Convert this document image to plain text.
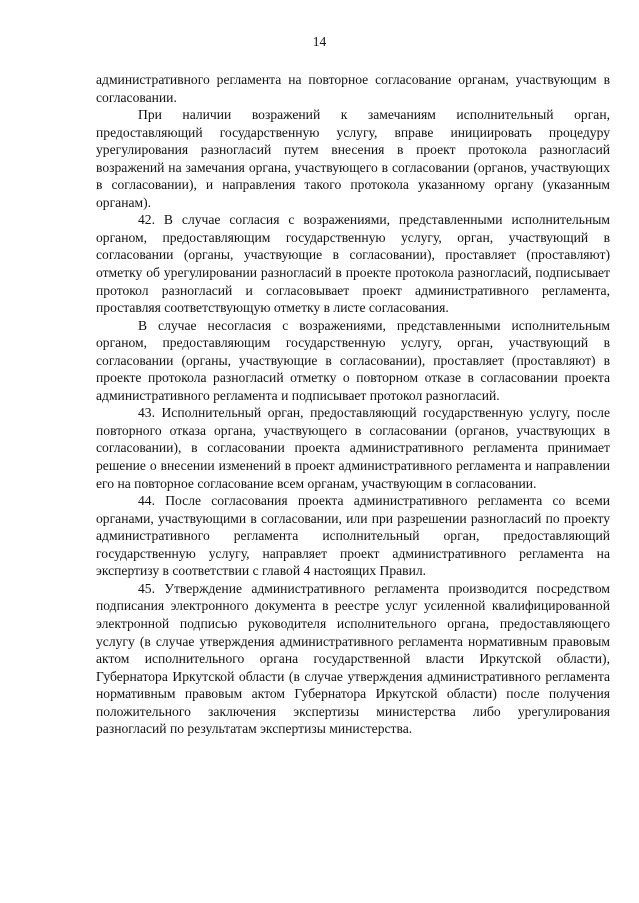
14

административного регламента на повторное согласование органам, участвующим в согласовании.

При наличии возражений к замечаниям исполнительный орган, предоставляющий государственную услугу, вправе инициировать процедуру урегулирования разногласий путем внесения в проект протокола разногласий возражений на замечания органа, участвующего в согласовании (органов, участвующих в согласовании), и направления такого протокола указанному органу (указанным органам).

42. В случае согласия с возражениями, представленными исполнительным органом, предоставляющим государственную услугу, орган, участвующий в согласовании (органы, участвующие в согласовании), проставляет (проставляют) отметку об урегулировании разногласий в проекте протокола разногласий, подписывает протокол разногласий и согласовывает проект административного регламента, проставляя соответствующую отметку в листе согласования.

В случае несогласия с возражениями, представленными исполнительным органом, предоставляющим государственную услугу, орган, участвующий в согласовании (органы, участвующие в согласовании), проставляет (проставляют) в проекте протокола разногласий отметку о повторном отказе в согласовании проекта административного регламента и подписывает протокол разногласий.

43. Исполнительный орган, предоставляющий государственную услугу, после повторного отказа органа, участвующего в согласовании (органов, участвующих в согласовании), в согласовании проекта административного регламента принимает решение о внесении изменений в проект административного регламента и направлении его на повторное согласование всем органам, участвующим в согласовании.

44. После согласования проекта административного регламента со всеми органами, участвующими в согласовании, или при разрешении разногласий по проекту административного регламента исполнительный орган, предоставляющий государственную услугу, направляет проект административного регламента на экспертизу в соответствии с главой 4 настоящих Правил.

45. Утверждение административного регламента производится посредством подписания электронного документа в реестре услуг усиленной квалифицированной электронной подписью руководителя исполнительного органа, предоставляющего услугу (в случае утверждения административного регламента нормативным правовым актом исполнительного органа государственной власти Иркутской области), Губернатора Иркутской области (в случае утверждения административного регламента нормативным правовым актом Губернатора Иркутской области) после получения положительного заключения экспертизы министерства либо урегулирования разногласий по результатам экспертизы министерства.
